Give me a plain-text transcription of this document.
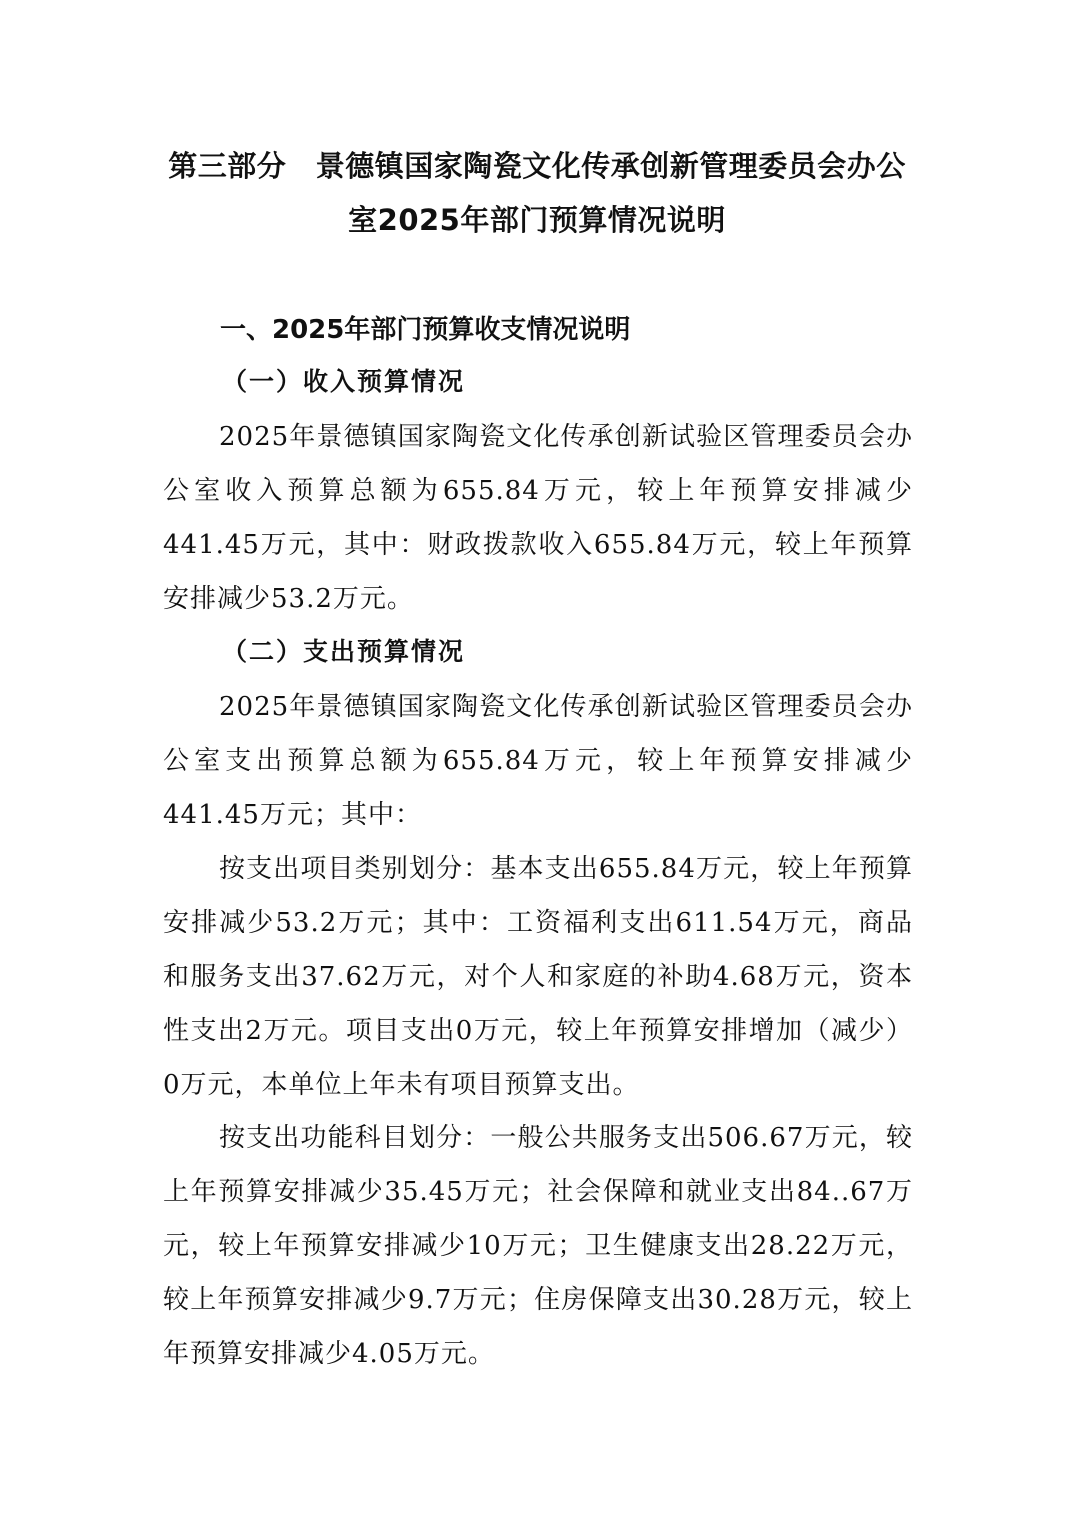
第三部分　景德镇国家陶瓷文化传承创新管理委员会办公
室2025年部门预算情况说明
一、2025年部门预算收支情况说明
（一）收入预算情况

2025年景德镇国家陶瓷文化传承创新试验区管理委员会办公室收入预算总额为655.84万元，较上年预算安排减少441.45万元，其中：财政拨款收入655.84万元，较上年预算安排减少53.2万元。

（二）支出预算情况

2025年景德镇国家陶瓷文化传承创新试验区管理委员会办公室支出预算总额为655.84万元，较上年预算安排减少441.45万元；其中：

按支出项目类别划分：基本支出655.84万元，较上年预算安排减少53.2万元；其中：工资福利支出611.54万元，商品和服务支出37.62万元，对个人和家庭的补助4.68万元，资本性支出2万元。项目支出0万元，较上年预算安排增加（减少）0万元，本单位上年未有项目预算支出。

按支出功能科目划分：一般公共服务支出506.67万元，较上年预算安排减少35.45万元；社会保障和就业支出84..67万元，较上年预算安排减少10万元；卫生健康支出28.22万元，较上年预算安排减少9.7万元；住房保障支出30.28万元，较上年预算安排减少4.05万元。
